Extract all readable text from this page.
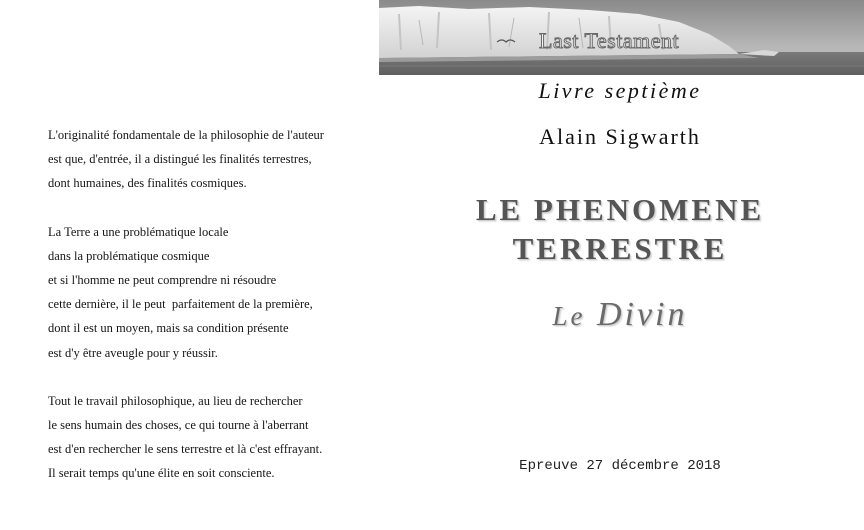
Last Testament

L'originalité fondamentale de la philosophie de l'auteur
est que, d'entrée, il a distingué les finalités terrestres,
dont humaines, des finalités cosmiques.

La Terre a une problématique locale
dans la problématique cosmique
et si l'homme ne peut comprendre ni résoudre
cette dernière, il le peut  parfaitement de la première,
dont il est un moyen, mais sa condition présente
est d'y être aveugle pour y réussir.

Tout le travail philosophique, au lieu de rechercher
le sens humain des choses, ce qui tourne à l'aberrant
est d'en rechercher le sens terrestre et là c'est effrayant.
Il serait temps qu'une élite en soit consciente.

Livre septième
Alain Sigwarth
LE PHENOMENE
TERRESTRE
Le Divin
Epreuve 27 décembre 2018
